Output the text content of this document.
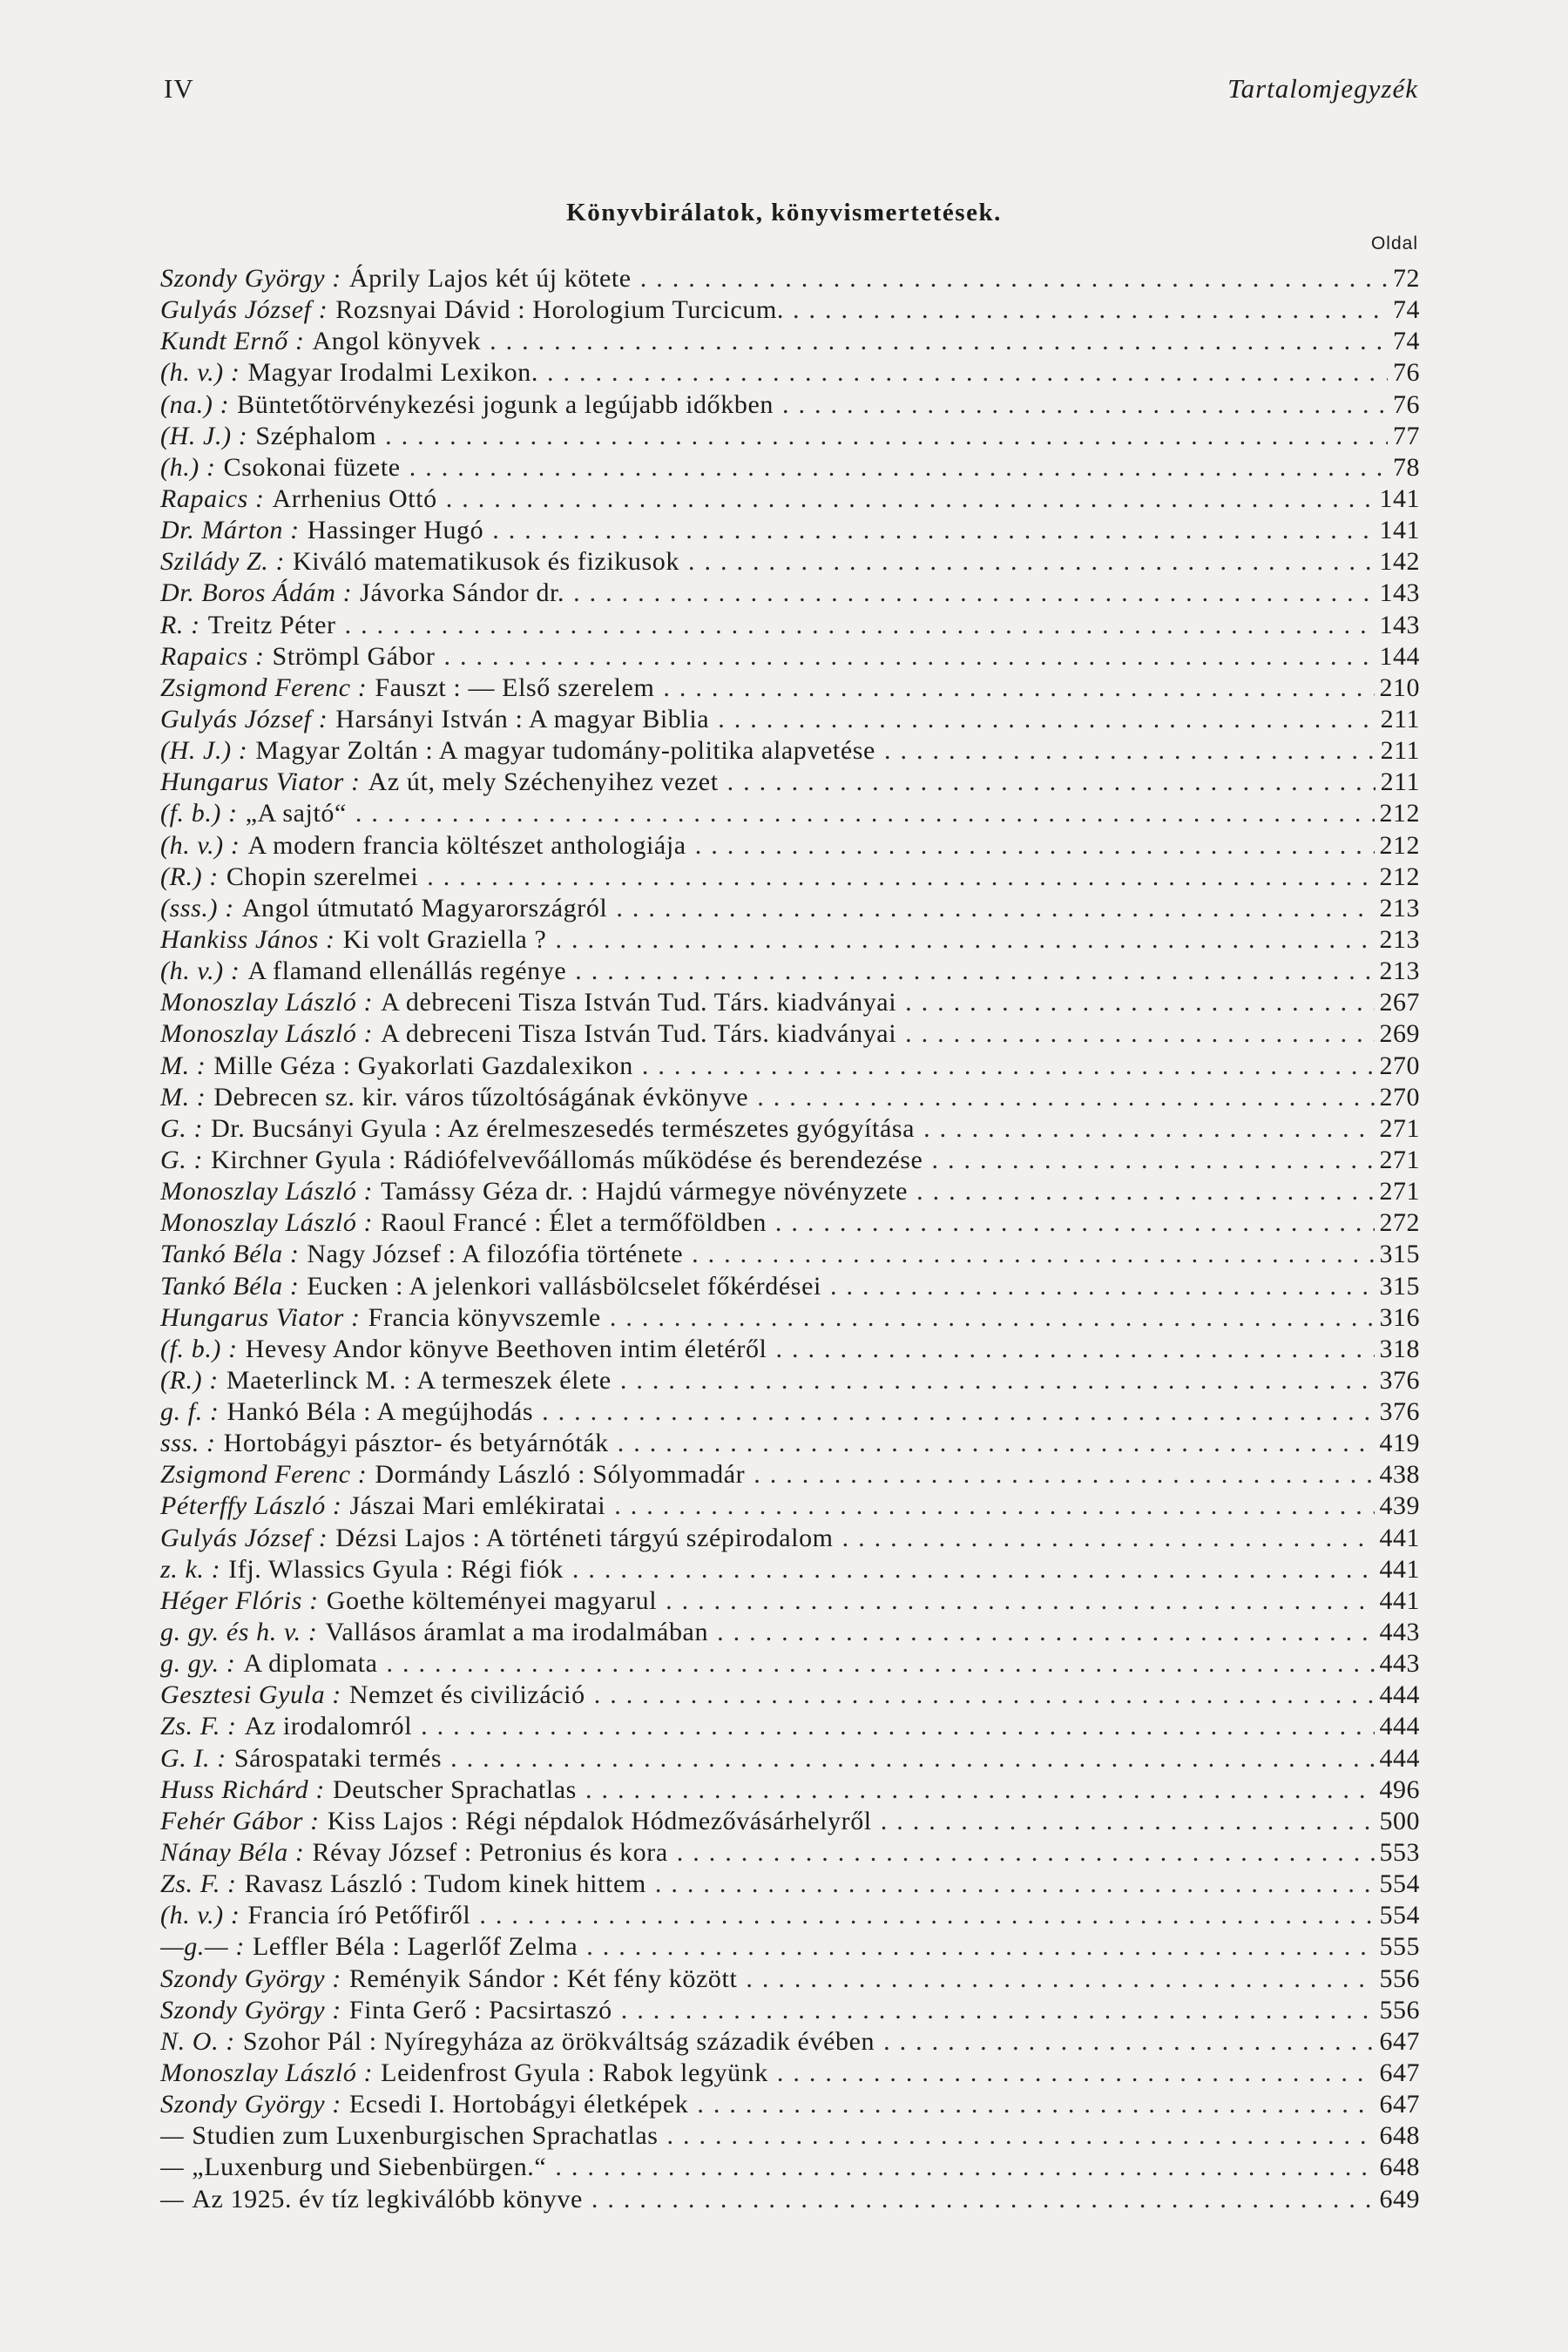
IV	Tartalomjegyzék
Könyvbirálatok, könyvismertetések.
Oldal
Szondy György : Áprily Lajos két új kötete .....	72
Gulyás József : Rozsnyai Dávid : Horologium Turcicum. .....	74
Kundt Ernő : Angol könyvek .....	74
(h. v.) : Magyar Irodalmi Lexikon. .....	76
(na.) : Büntetőtörvénykezési jogunk a legújabb időkben .....	76
(H. J.) : Széphalom .....	77
(h.) : Csokonai füzete .....	78
Rapaics : Arrhenius Ottó .....	141
Dr. Márton : Hassinger Hugó .....	141
Szilády Z. : Kiváló matematikusok és fizikusok .....	142
Dr. Boros Ádám : Jávorka Sándor dr. .....	143
R. : Treitz Péter .....	143
Rapaics : Strömpl Gábor .....	144
Zsigmond Ferenc : Fauszt : — Első szerelem .....	210
Gulyás József : Harsányi István : A magyar Biblia .....	211
(H. J.) : Magyar Zoltán : A magyar tudomány-politika alapvetése .....	211
Hungarus Viator : Az út, mely Széchenyihez vezet .....	211
(f. b.) : „A sajtó“ .....	212
(h. v.) : A modern francia költészet anthologiája .....	212
(R.) : Chopin szerelmei .....	212
(sss.) : Angol útmutató Magyarországról .....	213
Hankiss János : Ki volt Graziella ? .....	213
(h. v.) : A flamand ellenállás regénye .....	213
Monoszlay László : A debreceni Tisza István Tud. Társ. kiadványai .....	267
Monoszlay László : A debreceni Tisza István Tud. Társ. kiadványai .....	269
M. : Mille Géza : Gyakorlati Gazdalexikon .....	270
M. : Debrecen sz. kir. város tűzoltóságának évkönyve .....	270
G. : Dr. Bucsányi Gyula : Az érelmeszesedés természetes gyógyítása .....	271
G. : Kirchner Gyula : Rádiófelvevőállomás működése és berendezése .....	271
Monoszlay László : Tamássy Géza dr. : Hajdú vármegye növényzete .....	271
Monoszlay László : Raoul Francé : Élet a termőföldben .....	272
Tankó Béla : Nagy József : A filozófia története .....	315
Tankó Béla : Eucken : A jelenkori vallásbölcselet főkérdései .....	315
Hungarus Viator : Francia könyvszemle .....	316
(f. b.) : Hevesy Andor könyve Beethoven intim életéről .....	318
(R.) : Maeterlinck M. : A termeszek élete .....	376
g. f. : Hankó Béla : A megújhodás .....	376
sss. : Hortobágyi pásztor- és betyárnóták .....	419
Zsigmond Ferenc : Dormándy László : Sólyommadár .....	438
Péterffy László : Jászai Mari emlékiratai .....	439
Gulyás József : Dézsi Lajos : A történeti tárgyú szépirodalom .....	441
z. k. : Ifj. Wlassics Gyula : Régi fiók .....	441
Héger Flóris : Goethe költeményei magyarul .....	441
g. gy. és h. v. : Vallásos áramlat a ma irodalmában .....	443
g. gy. : A diplomata .....	443
Gesztesi Gyula : Nemzet és civilizáció .....	444
Zs. F. : Az irodalomról .....	444
G. I. : Sárospataki termés .....	444
Huss Richárd : Deutscher Sprachatlas .....	496
Fehér Gábor : Kiss Lajos : Régi népdalok Hódmezővásárhelyről .....	500
Nánay Béla : Révay József : Petronius és kora .....	553
Zs. F. : Ravasz László : Tudom kinek hittem .....	554
(h. v.) : Francia író Petőfiről .....	554
—g.— : Leffler Béla : Lagerlőf Zelma .....	555
Szondy György : Reményik Sándor : Két fény között .....	556
Szondy György : Finta Gerő : Pacsirtaszó .....	556
N. O. : Szohor Pál : Nyíregyháza az örökváltság századik évében .....	647
Monoszlay László : Leidenfrost Gyula : Rabok legyünk .....	647
Szondy György : Ecsedi I. Hortobágyi életképek .....	647
— Studien zum Luxenburgischen Sprachatlas .....	648
— „Luxenburg und Siebenbürgen.“ .....	648
— Az 1925. év tíz legkiválóbb könyve .....	649
